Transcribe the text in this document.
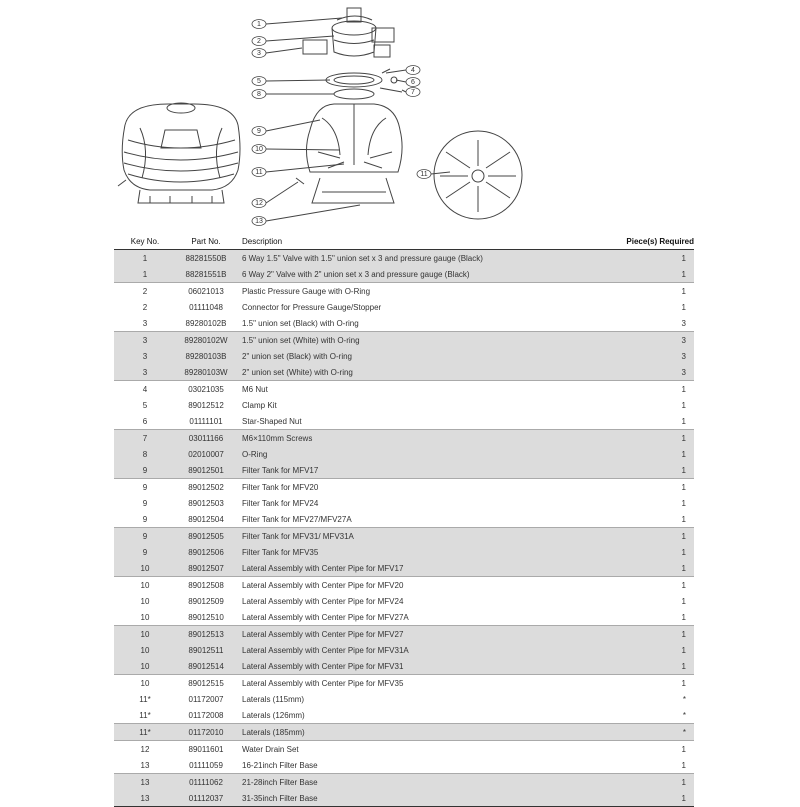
1
2
3
4
5	6
7
8
9
10
11
12
13
11
Key No.	Part No.	Description	Piece(s) Required
1	88281550B	6 Way 1.5" Valve with 1.5" union set x 3 and pressure gauge (Black)	1
1	88281551B	6 Way 2" Valve with 2" union set x 3 and pressure gauge (Black)	1
2	06021013	Plastic Pressure Gauge with O-Ring	1
2	01111048	Connector for Pressure Gauge/Stopper	1
3	89280102B	1.5" union set (Black) with O-ring	3
3	89280102W	1.5" union set (White) with O-ring	3
3	89280103B	2" union set (Black) with O-ring	3
3	89280103W	2" union set (White) with O-ring	3
4	03021035	M6 Nut	1
5	89012512	Clamp Kit	1
6	01111101	Star-Shaped Nut	1
7	03011166	M6×110mm Screws	1
8	02010007	O-Ring	1
9	89012501	Filter Tank for MFV17	1
9	89012502	Filter Tank for MFV20	1
9	89012503	Filter Tank for MFV24	1
9	89012504	Filter Tank for MFV27/MFV27A	1
9	89012505	Filter Tank for MFV31/ MFV31A	1
9	89012506	Filter Tank for MFV35	1
10	89012507	Lateral Assembly with Center Pipe for MFV17	1
10	89012508	Lateral Assembly with Center Pipe for MFV20	1
10	89012509	Lateral Assembly with Center Pipe for MFV24	1
10	89012510	Lateral Assembly with Center Pipe for MFV27A	1
10	89012513	Lateral Assembly with Center Pipe for MFV27	1
10	89012511	Lateral Assembly with Center Pipe for MFV31A	1
10	89012514	Lateral Assembly with Center Pipe for MFV31	1
10	89012515	Lateral Assembly with Center Pipe for MFV35	1
11*	01172007	Laterals (115mm)	*
11*	01172008	Laterals (126mm)	*
11*	01172010	Laterals (185mm)	*
12	89011601	Water Drain Set	1
13	01111059	16-21inch Filter Base	1
13	01111062	21-28inch Filter Base	1
13	01112037	31-35inch Filter Base	1
